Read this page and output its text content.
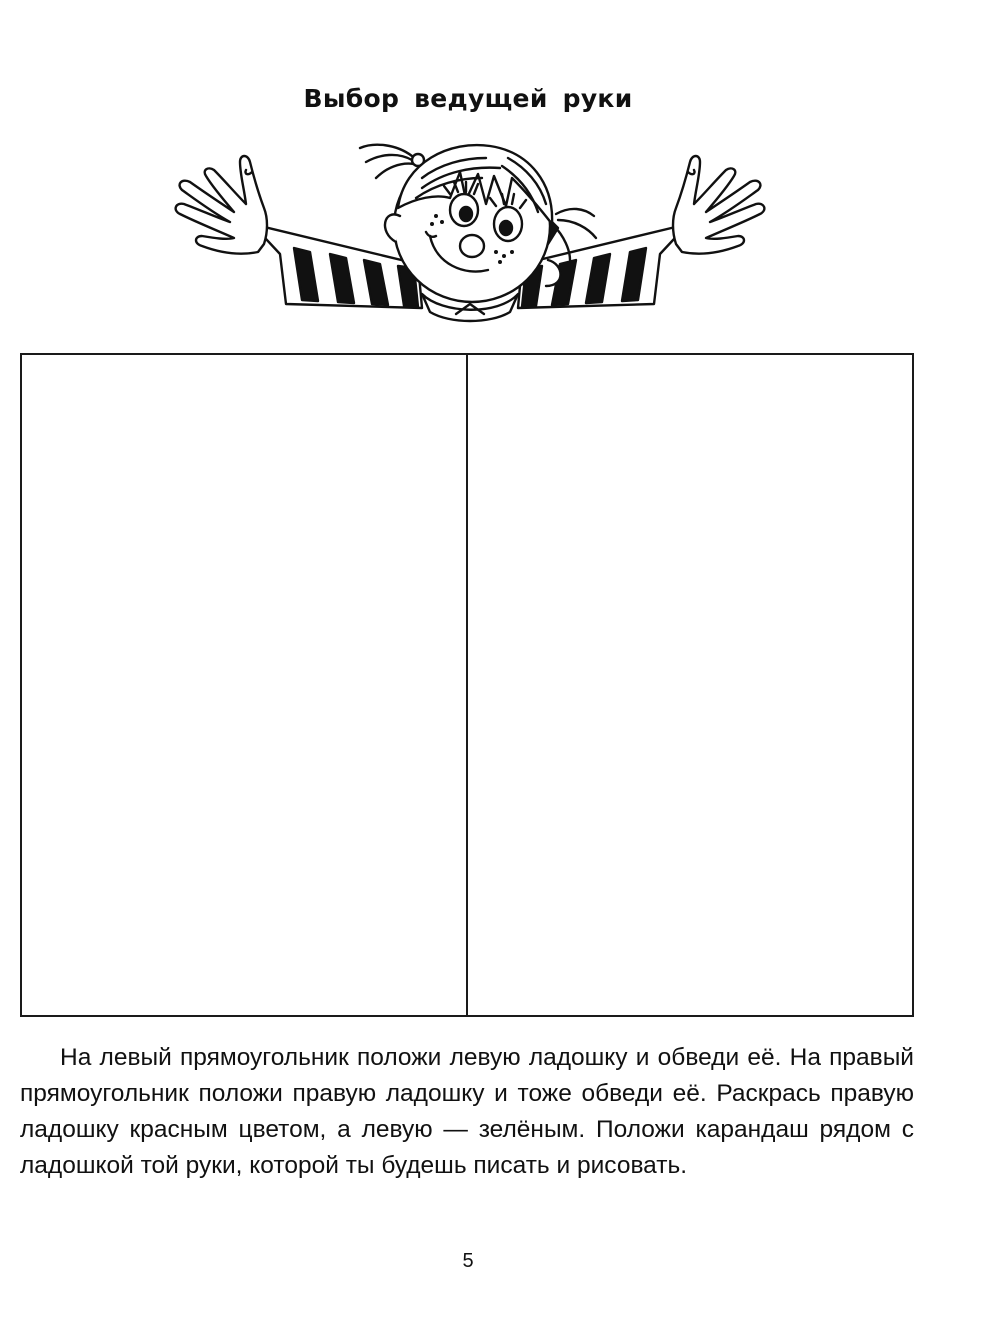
Выбор ведущей руки

На левый прямоугольник положи левую ладошку и обведи её. На правый прямоугольник положи правую ладошку и тоже обведи её. Раскрась правую ладошку красным цветом, а левую — зелёным. Положи карандаш рядом с ладошкой той руки, которой ты будешь писать и рисовать.

5
